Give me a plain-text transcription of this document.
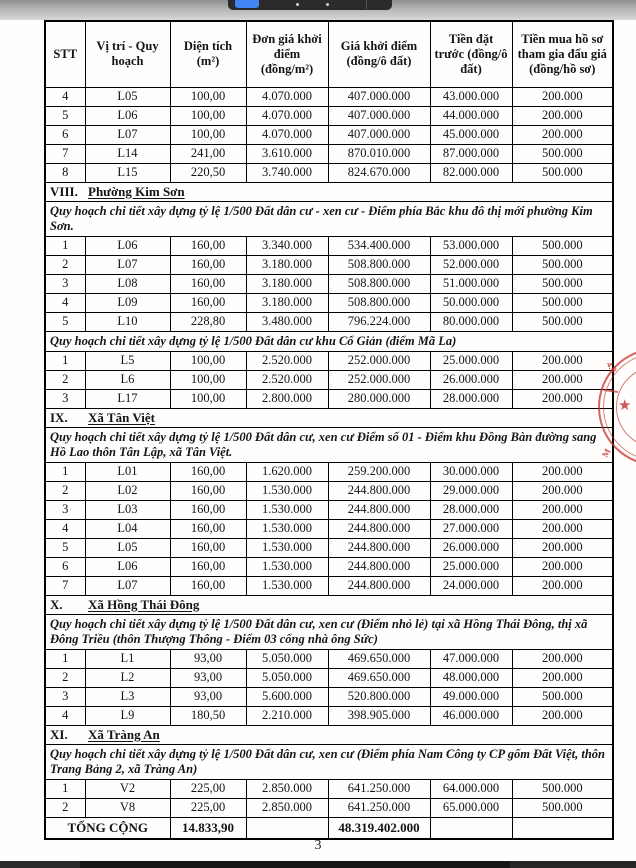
STT	Vị trí - Quy hoạch	Diện tích (m²)	Đơn giá khởi điểm (đồng/m²)	Giá khởi điểm (đồng/ô đất)	Tiền đặt trước (đồng/ô đất)	Tiền mua hồ sơ tham gia đấu giá (đồng/hồ sơ)
4	L05	100,00	4.070.000	407.000.000	43.000.000	200.000
5	L06	100,00	4.070.000	407.000.000	44.000.000	200.000
6	L07	100,00	4.070.000	407.000.000	45.000.000	200.000
7	L14	241,00	3.610.000	870.010.000	87.000.000	500.000
8	L15	220,50	3.740.000	824.670.000	82.000.000	500.000
VIII. Phường Kim Sơn						
Quy hoạch chi tiết xây dựng tỷ lệ 1/500 Đất dân cư - xen cư - Điểm phía Bắc khu đô thị mới phường Kim Sơn.						
1	L06	160,00	3.340.000	534.400.000	53.000.000	500.000
2	L07	160,00	3.180.000	508.800.000	52.000.000	500.000
3	L08	160,00	3.180.000	508.800.000	51.000.000	500.000
4	L09	160,00	3.180.000	508.800.000	50.000.000	500.000
5	L10	228,80	3.480.000	796.224.000	80.000.000	500.000
Quy hoạch chi tiết xây dựng tỷ lệ 1/500 Đất dân cư khu Cổ Giản (điểm Mã La)						
1	L5	100,00	2.520.000	252.000.000	25.000.000	200.000
2	L6	100,00	2.520.000	252.000.000	26.000.000	200.000
3	L17	100,00	2.800.000	280.000.000	28.000.000	200.000
IX. Xã Tân Việt						
Quy hoạch chi tiết xây dựng tỷ lệ 1/500 Đất dân cư, xen cư Điểm số 01 - Điểm khu Đồng Bàn đường sang Hồ Lao thôn Tân Lập, xã Tân Việt.						
1	L01	160,00	1.620.000	259.200.000	30.000.000	200.000
2	L02	160,00	1.530.000	244.800.000	29.000.000	200.000
3	L03	160,00	1.530.000	244.800.000	28.000.000	200.000
4	L04	160,00	1.530.000	244.800.000	27.000.000	200.000
5	L05	160,00	1.530.000	244.800.000	26.000.000	200.000
6	L06	160,00	1.530.000	244.800.000	25.000.000	200.000
7	L07	160,00	1.530.000	244.800.000	24.000.000	200.000
X. Xã Hồng Thái Đông						
Quy hoạch chi tiết xây dựng tỷ lệ 1/500 Đất dân cư, xen cư (Điểm nhỏ lẻ) tại xã Hồng Thái Đông, thị xã Đông Triều (thôn Thượng Thông - Điểm 03 cổng nhà ông Sức)						
1	L1	93,00	5.050.000	469.650.000	47.000.000	200.000
2	L2	93,00	5.050.000	469.650.000	48.000.000	200.000
3	L3	93,00	5.600.000	520.800.000	49.000.000	500.000
4	L9	180,50	2.210.000	398.905.000	46.000.000	200.000
XI. Xã Tràng An						
Quy hoạch chi tiết xây dựng tỷ lệ 1/500 Đất dân cư, xen cư (Điểm phía Nam Công ty CP gốm Đất Việt, thôn Trang Bảng 2, xã Tràng An)						
1	V2	225,00	2.850.000	641.250.000	64.000.000	500.000
2	V8	225,00	2.850.000	641.250.000	65.000.000	500.000
TỔNG CỘNG		14.833,90		48.319.402.000		
★
4.0
M
3
